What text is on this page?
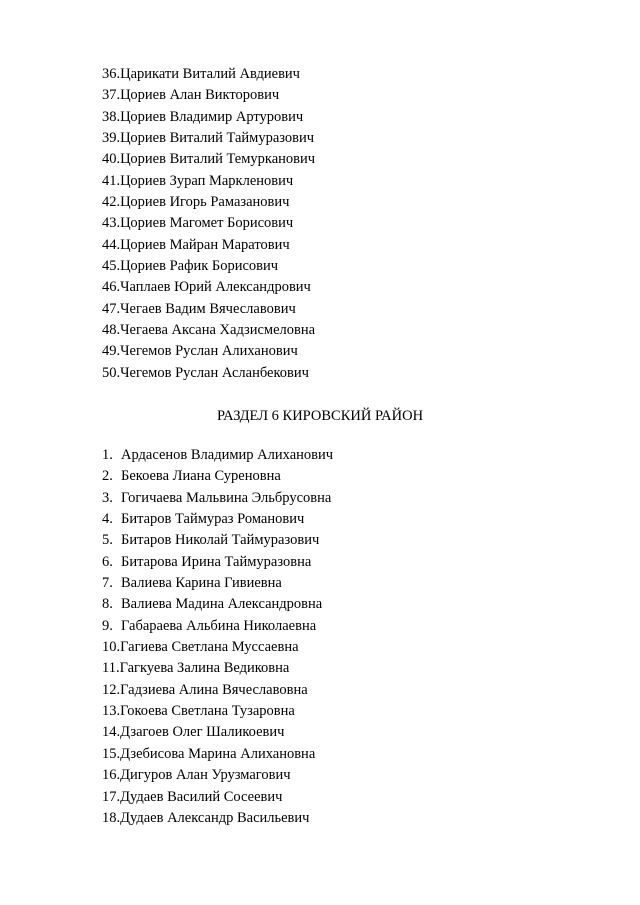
36.Царикати Виталий Авдиевич
37.Цориев Алан Викторович
38.Цориев Владимир Артурович
39.Цориев Виталий Таймуразович
40.Цориев Виталий Темурканович
41.Цориев Зурап Маркленович
42.Цориев Игорь Рамазанович
43.Цориев Магомет Борисович
44.Цориев Майран Маратович
45.Цориев Рафик Борисович
46.Чаплаев Юрий Александрович
47.Чегаев Вадим Вячеславович
48.Чегаева Аксана Хадзисмеловна
49.Чегемов Руслан Алиханович
50.Чегемов Руслан Асланбекович
РАЗДЕЛ 6 КИРОВСКИЙ РАЙОН
1. Ардасенов Владимир Алиханович
2. Бекоева Лиана Суреновна
3. Гогичаева Мальвина Эльбрусовна
4. Битаров Таймураз Романович
5. Битаров Николай Таймуразович
6. Битарова Ирина Таймуразовна
7. Валиева Карина Гивиевна
8. Валиева Мадина Александровна
9. Габараева Альбина Николаевна
10.Гагиева Светлана Муссаевна
11.Гагкуева Залина Ведиковна
12.Гадзиева Алина Вячеславовна
13.Гокоева Светлана Тузаровна
14.Дзагоев Олег Шаликоевич
15.Дзебисова Марина Алихановна
16.Дигуров Алан Урузмагович
17.Дудаев Василий Сосеевич
18.Дудаев Александр Васильевич
